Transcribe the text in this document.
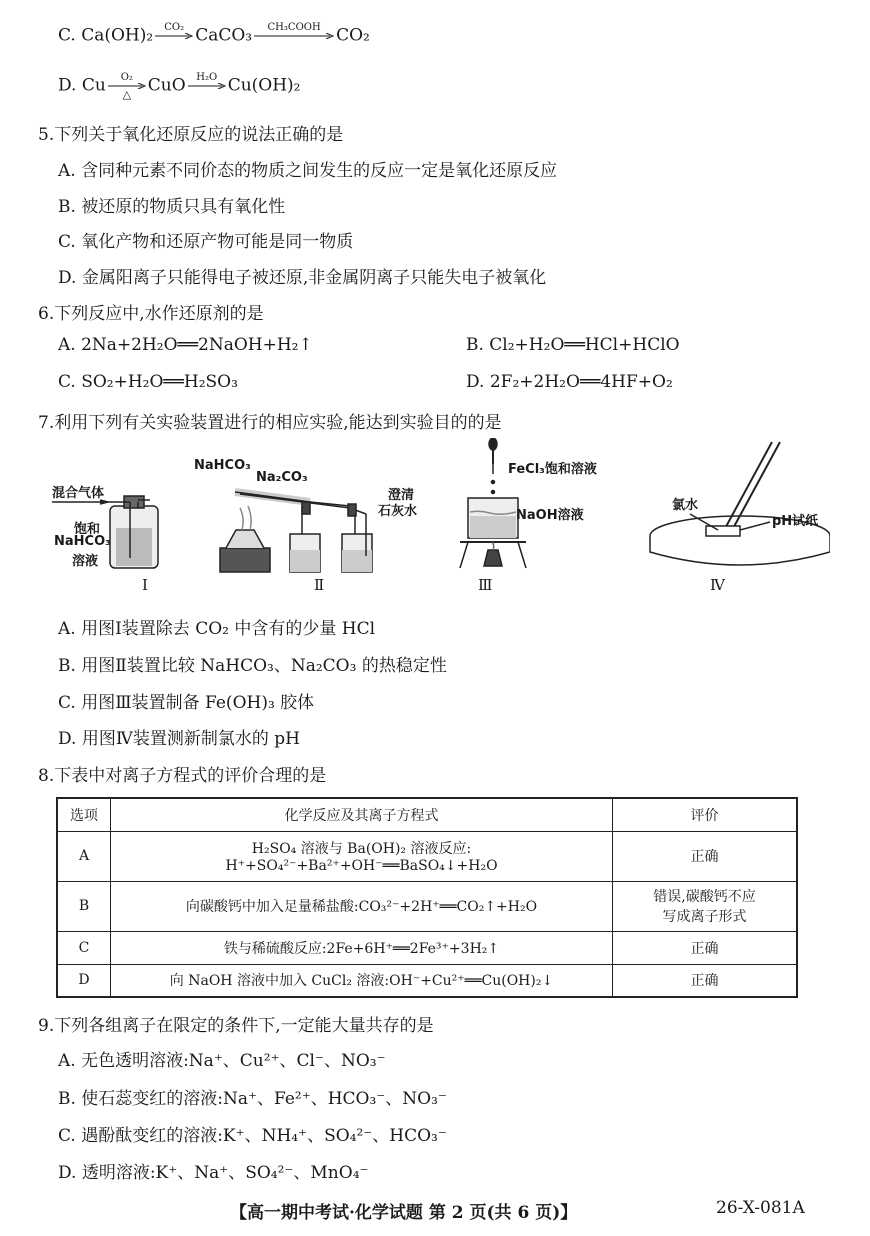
C. Ca(OH)₂	CO₂
CaCO₃	CH₃COOH
CO₂
D. Cu	O₂
△ CuO	H₂O
Cu(OH)₂
5.下列关于氧化还原反应的说法正确的是
A. 含同种元素不同价态的物质之间发生的反应一定是氧化还原反应
B. 被还原的物质只具有氧化性
C. 氧化产物和还原产物可能是同一物质
D. 金属阳离子只能得电子被还原,非金属阴离子只能失电子被氧化
6.下列反应中,水作还原剂的是
A. 2Na+2H₂O══2NaOH+H₂↑	B. Cl₂+H₂O══HCl+HClO
C. SO₂+H₂O══H₂SO₃	D. 2F₂+2H₂O══4HF+O₂
7.利用下列有关实验装置进行的相应实验,能达到实验目的的是
混合气体
饱和
NaHCO₃
溶液
NaHCO₃
Na₂CO₃
澄清
石灰水
FeCl₃饱和溶液
NaOH溶液
氯水
pH试纸
Ⅰ	Ⅱ	Ⅲ	Ⅳ
A. 用图Ⅰ装置除去 CO₂ 中含有的少量 HCl
B. 用图Ⅱ装置比较 NaHCO₃、Na₂CO₃ 的热稳定性
C. 用图Ⅲ装置制备 Fe(OH)₃ 胶体
D. 用图Ⅳ装置测新制氯水的 pH
8.下表中对离子方程式的评价合理的是
选项	化学反应及其离子方程式	评价
A	H₂SO₄ 溶液与 Ba(OH)₂ 溶液反应:
H⁺+SO₄²⁻+Ba²⁺+OH⁻══BaSO₄↓+H₂O	正确
B	向碳酸钙中加入足量稀盐酸:CO₃²⁻+2H⁺══CO₂↑+H₂O	错误,碳酸钙不应
写成离子形式

C	铁与稀硫酸反应:2Fe+6H⁺══2Fe³⁺+3H₂↑	正确
D	向 NaOH 溶液中加入 CuCl₂ 溶液:OH⁻+Cu²⁺══Cu(OH)₂↓	正确
9.下列各组离子在限定的条件下,一定能大量共存的是
A. 无色透明溶液:Na⁺、Cu²⁺、Cl⁻、NO₃⁻
B. 使石蕊变红的溶液:Na⁺、Fe²⁺、HCO₃⁻、NO₃⁻
C. 遇酚酞变红的溶液:K⁺、NH₄⁺、SO₄²⁻、HCO₃⁻
D. 透明溶液:K⁺、Na⁺、SO₄²⁻、MnO₄⁻
【高一期中考试·化学试题 第 2 页(共 6 页)】	26-X-081A
